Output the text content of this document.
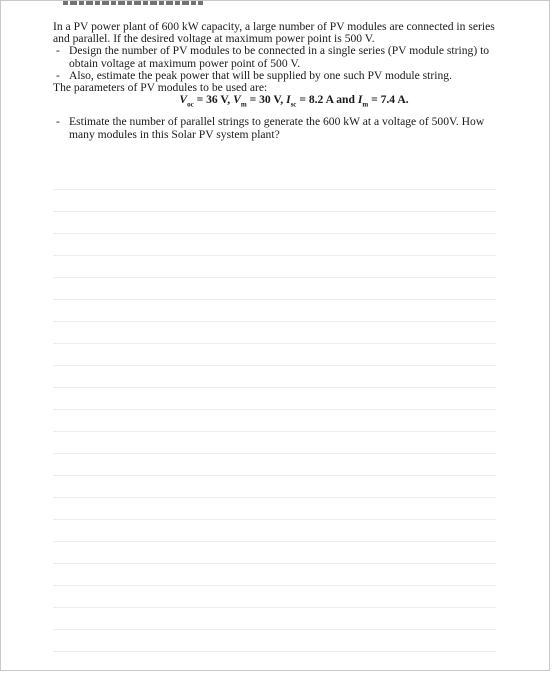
In a PV power plant of 600 kW capacity, a large number of PV modules are connected in series and parallel. If the desired voltage at maximum power point is 500 V.

- Design the number of PV modules to be connected in a single series (PV module string) to obtain voltage at maximum power point of 500 V.
- Also, estimate the peak power that will be supplied by one such PV module string.

The parameters of PV modules to be used are:

$V_{oc} = 36$ V, $V_m = 30$ V, $I_{sc} = 8.2$ A and $I_m = 7.4$ A.

- Estimate the number of parallel strings to generate the 600 kW at a voltage of 500V. How many modules in this Solar PV system plant?
